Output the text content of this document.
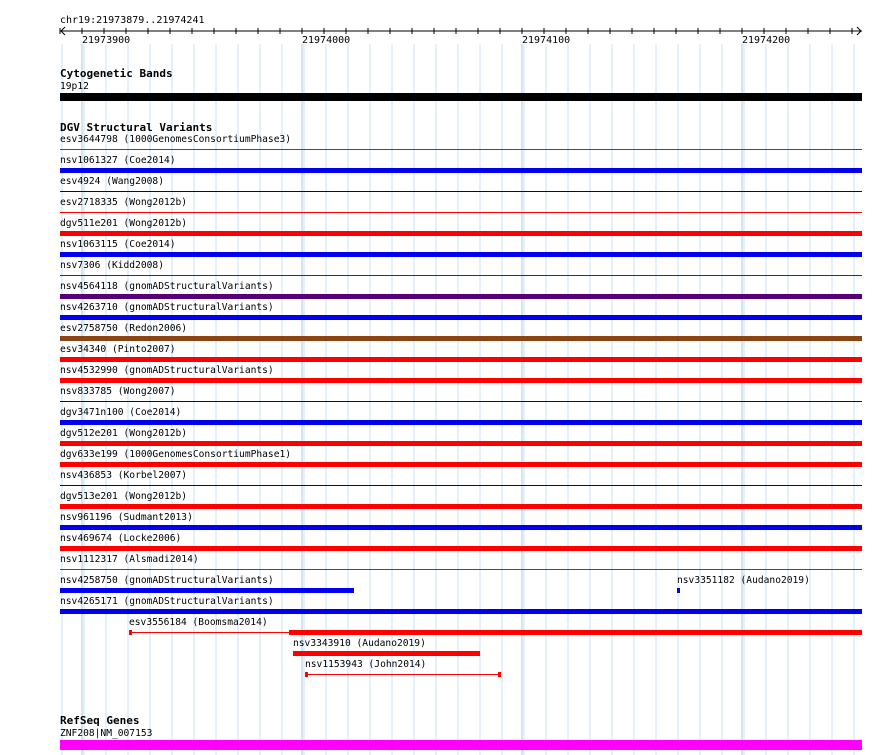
chr19:21973879..21974241
21973900	21974000	21974100	21974200
Cytogenetic Bands
19p12
DGV Structural Variants
esv3644798 (1000GenomesConsortiumPhase3)
nsv1061327 (Coe2014)
esv4924 (Wang2008)
esv2718335 (Wong2012b)
dgv511e201 (Wong2012b)
nsv1063115 (Coe2014)
nsv7306 (Kidd2008)
nsv4564118 (gnomADStructuralVariants)
nsv4263710 (gnomADStructuralVariants)
esv2758750 (Redon2006)
esv34340 (Pinto2007)
nsv4532990 (gnomADStructuralVariants)
nsv833785 (Wong2007)
dgv3471n100 (Coe2014)
dgv512e201 (Wong2012b)
dgv633e199 (1000GenomesConsortiumPhase1)
nsv436853 (Korbel2007)
dgv513e201 (Wong2012b)
nsv961196 (Sudmant2013)
nsv469674 (Locke2006)
nsv1112317 (Alsmadi2014)
nsv4258750 (gnomADStructuralVariants)	nsv3351182 (Audano2019)
nsv4265171 (gnomADStructuralVariants)
esv3556184 (Boomsma2014)
nsv3343910 (Audano2019)
nsv1153943 (John2014)
RefSeq Genes
ZNF208|NM_007153
